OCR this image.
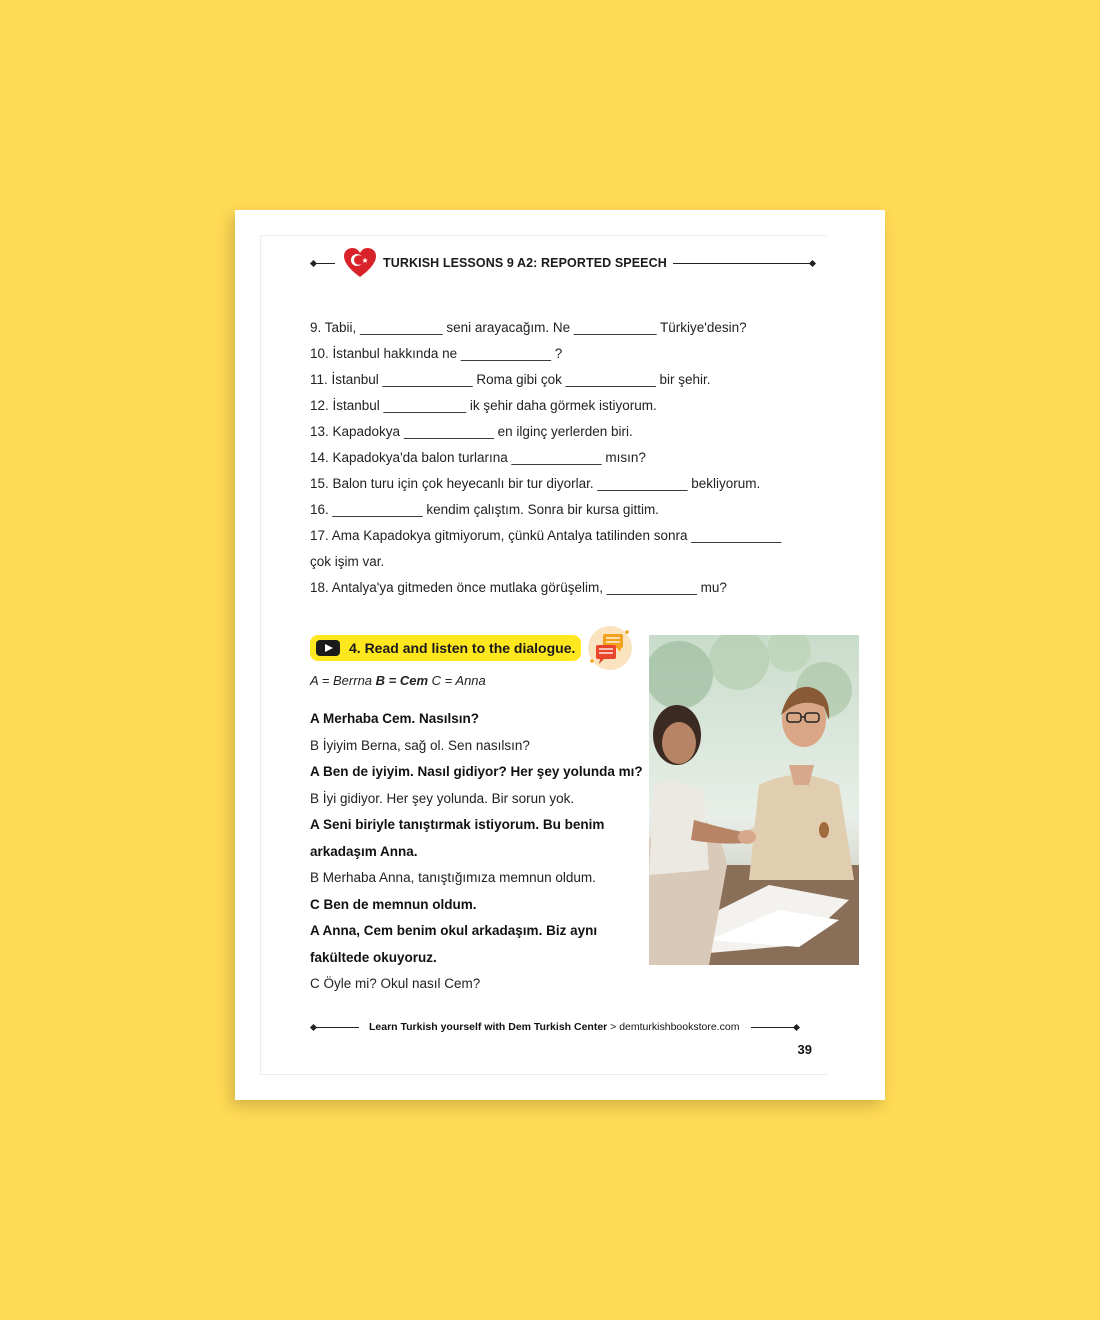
TURKISH LESSONS 9 A2: REPORTED SPEECH
9. Tabii, ___________ seni arayacağım. Ne ___________ Türkiye'desin?
10. İstanbul hakkında ne ____________ ?
11. İstanbul ____________ Roma gibi çok ____________ bir şehir.
12. İstanbul ___________ ik şehir daha görmek istiyorum.
13. Kapadokya ____________ en ilginç yerlerden biri.
14. Kapadokya'da balon turlarına ____________ mısın?
15. Balon turu için çok heyecanlı bir tur diyorlar. ____________ bekliyorum.
16. ____________ kendim çalıştım. Sonra bir kursa gittim.
17. Ama Kapadokya gitmiyorum, çünkü Antalya tatilinden sonra ____________
çok işim var.
18. Antalya'ya gitmeden önce mutlaka görüşelim, ____________ mu?
4. Read and listen to the dialogue.
A = Berrna B = Cem C = Anna
A Merhaba Cem. Nasılsın?
B İyiyim Berna, sağ ol. Sen nasılsın?
A Ben de iyiyim. Nasıl gidiyor? Her şey yolunda mı?
B İyi gidiyor. Her şey yolunda. Bir sorun yok.
A Seni biriyle tanıştırmak istiyorum. Bu benim
arkadaşım Anna.
B Merhaba Anna, tanıştığımıza memnun oldum.
C Ben de memnun oldum.
A Anna, Cem benim okul arkadaşım. Biz aynı
fakültede okuyoruz.
C Öyle mi? Okul nasıl Cem?
Learn Turkish yourself with Dem Turkish Center > demturkishbookstore.com
39
